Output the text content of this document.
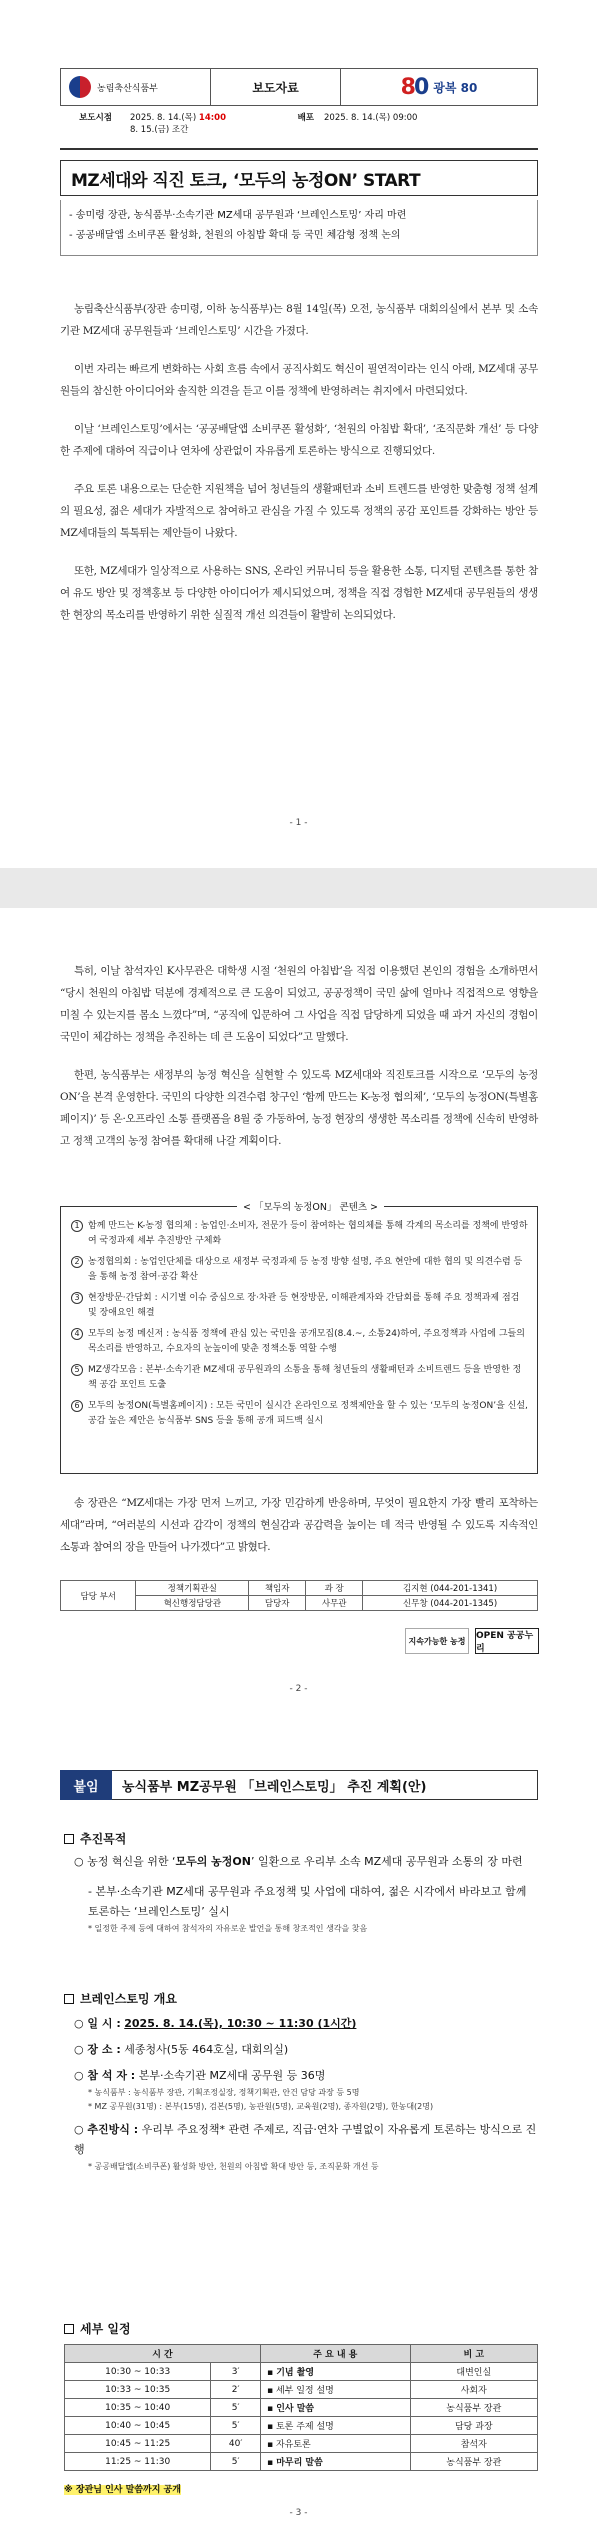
농림축산식품부	보도자료	80 광복 80
보도시점	2025. 8. 14.(목) 14:00
8. 15.(금) 조간
배포	2025. 8. 14.(목) 09:00
MZ세대와 직진 토크, ‘모두의 농정ON’ START
- 송미령 장관, 농식품부·소속기관 MZ세대 공무원과 ‘브레인스토밍’ 자리 마련
- 공공배달앱 소비쿠폰 활성화, 천원의 아침밥 확대 등 국민 체감형 정책 논의

농림축산식품부(장관 송미령, 이하 농식품부)는 8월 14일(목) 오전, 농식품부 대회의실에서 본부 및 소속기관 MZ세대 공무원들과 ‘브레인스토밍’ 시간을 가졌다.

이번 자리는 빠르게 변화하는 사회 흐름 속에서 공직사회도 혁신이 필연적이라는 인식 아래, MZ세대 공무원들의 참신한 아이디어와 솔직한 의견을 듣고 이를 정책에 반영하려는 취지에서 마련되었다.

이날 ‘브레인스토밍’에서는 ‘공공배달앱 소비쿠폰 활성화’, ‘천원의 아침밥 확대’, ‘조직문화 개선’ 등 다양한 주제에 대하여 직급이나 연차에 상관없이 자유롭게 토론하는 방식으로 진행되었다.

주요 토론 내용으로는 단순한 지원책을 넘어 청년들의 생활패턴과 소비 트렌드를 반영한 맞춤형 정책 설계의 필요성, 젊은 세대가 자발적으로 참여하고 관심을 가질 수 있도록 정책의 공감 포인트를 강화하는 방안 등 MZ세대들의 톡톡튀는 제안들이 나왔다.

또한, MZ세대가 일상적으로 사용하는 SNS, 온라인 커뮤니티 등을 활용한 소통, 디지털 콘텐츠를 통한 참여 유도 방안 및 정책홍보 등 다양한 아이디어가 제시되었으며, 정책을 직접 경험한 MZ세대 공무원들의 생생한 현장의 목소리를 반영하기 위한 실질적 개선 의견들이 활발히 논의되었다.

- 1 -

특히, 이날 참석자인 K사무관은 대학생 시절 ‘천원의 아침밥’을 직접 이용했던 본인의 경험을 소개하면서 “당시 천원의 아침밥 덕분에 경제적으로 큰 도움이 되었고, 공공정책이 국민 삶에 얼마나 직접적으로 영향을 미칠 수 있는지를 몸소 느꼈다”며, “공직에 입문하여 그 사업을 직접 담당하게 되었을 때 과거 자신의 경험이 국민이 체감하는 정책을 추진하는 데 큰 도움이 되었다”고 말했다.

한편, 농식품부는 새정부의 농정 혁신을 실현할 수 있도록 MZ세대와 직진토크를 시작으로 ‘모두의 농정ON’을 본격 운영한다. 국민의 다양한 의견수렴 창구인 ‘함께 만드는 K-농정 협의체’, ‘모두의 농정ON(특별홈페이지)’ 등 온·오프라인 소통 플랫폼을 8월 중 가동하여, 농정 현장의 생생한 목소리를 정책에 신속히 반영하고 정책 고객의 농정 참여를 확대해 나갈 계획이다.

< 「모두의 농정ON」 콘텐츠 >
1 함께 만드는 K-농정 협의체 : 농업인·소비자, 전문가 등이 참여하는 협의체를 통해 각계의 목소리를 정책에 반영하여 국정과제 세부 추진방안 구체화
2 농정협의회 : 농업인단체를 대상으로 새정부 국정과제 등 농정 방향 설명, 주요 현안에 대한 협의 및 의견수렴 등을 통해 농정 참여·공감 확산
3 현장방문·간담회 : 시기별 이슈 중심으로 장·차관 등 현장방문, 이해관계자와 간담회를 통해 주요 정책과제 점검 및 장애요인 해결
4 모두의 농정 메신저 : 농식품 정책에 관심 있는 국민을 공개모집(8.4.~, 소통24)하여, 주요정책과 사업에 그들의 목소리를 반영하고, 수요자의 눈높이에 맞춘 정책소통 역할 수행
5 MZ생각모음 : 본부·소속기관 MZ세대 공무원과의 소통을 통해 청년들의 생활패턴과 소비트렌드 등을 반영한 정책 공감 포인트 도출
6 모두의 농정ON(특별홈페이지) : 모든 국민이 실시간 온라인으로 정책제안을 할 수 있는 ‘모두의 농정ON’을 신설, 공감 높은 제안은 농식품부 SNS 등을 통해 공개 피드백 실시

송 장관은 “MZ세대는 가장 먼저 느끼고, 가장 민감하게 반응하며, 무엇이 필요한지 가장 빨리 포착하는 세대”라며, “여러분의 시선과 감각이 정책의 현실감과 공감력을 높이는 데 적극 반영될 수 있도록 지속적인 소통과 참여의 장을 만들어 나가겠다”고 밝혔다.

담당 부서	정책기획관실	책임자	과 장	김지현 (044-201-1341)
	혁신행정담당관	담당자	사무관	신무창 (044-201-1345)
지속가능한 농정	OPEN 공공누리
- 2 -
붙임	농식품부 MZ공무원 「브레인스토밍」 추진 계획(안)
추진목적
○ 농정 혁신을 위한 ‘모두의 농정ON’ 일환으로 우리부 소속 MZ세대 공무원과 소통의 장 마련
- 본부·소속기관 MZ세대 공무원과 주요정책 및 사업에 대하여, 젊은 시각에서 바라보고 함께 토론하는 ‘브레인스토밍’ 실시
* 일정한 주제 등에 대하여 참석자의 자유로운 발언을 통해 창조적인 생각을 찾음
브레인스토밍 개요
○ 일 시 : 2025. 8. 14.(목), 10:30 ~ 11:30 (1시간)
○ 장 소 : 세종청사(5동 464호실, 대회의실)
○ 참 석 자 : 본부·소속기관 MZ세대 공무원 등 36명
* 농식품부 : 농식품부 장관, 기획조정실장, 정책기획관, 안건 담당 과장 등 5명
* MZ 공무원(31명) : 본부(15명), 검본(5명), 농관원(5명), 교육원(2명), 종자원(2명), 한농대(2명)
○ 추진방식 : 우리부 주요정책* 관련 주제로, 직급·연차 구별없이 자유롭게 토론하는 방식으로 진행
* 공공배달앱(소비쿠폰) 활성화 방안, 천원의 아침밥 확대 방안 등, 조직문화 개선 등
세부 일정
시 간		주 요 내 용	비 고
10:30 ~ 10:33	3′	▪ 기념 촬영	대변인실
10:33 ~ 10:35	2′	▪ 세부 일정 설명	사회자
10:35 ~ 10:40	5′	▪ 인사 말씀	농식품부 장관
10:40 ~ 10:45	5′	▪ 토론 주제 설명	담당 과장
10:45 ~ 11:25	40′	▪ 자유토론	참석자
11:25 ~ 11:30	5′	▪ 마무리 말씀	농식품부 장관
※ 장관님 인사 말씀까지 공개
- 3 -
